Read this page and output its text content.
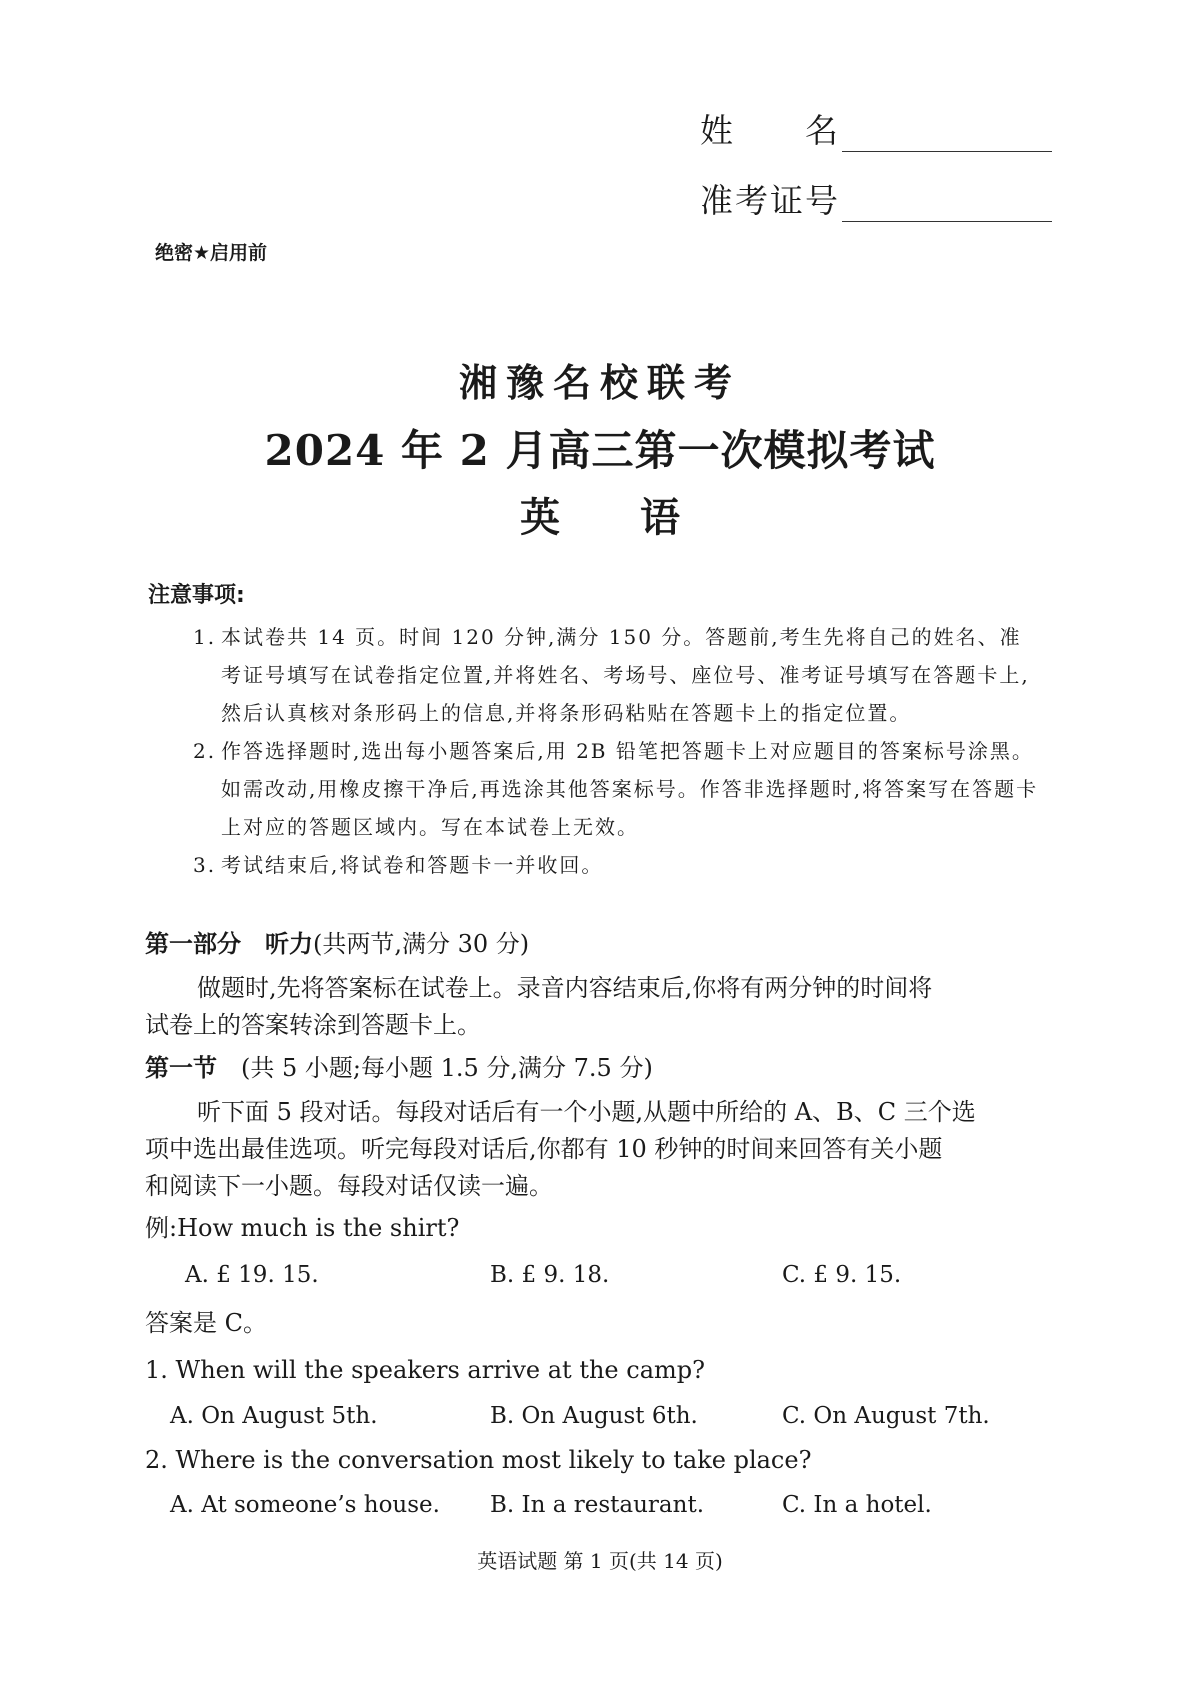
姓　　名
准考证号
绝密★启用前
湘豫名校联考
2024 年 2 月高三第一次模拟考试
英语
注意事项:
1. 本试卷共 14 页。时间 120 分钟,满分 150 分。答题前,考生先将自己的姓名、准考证号填写在试卷指定位置,并将姓名、考场号、座位号、准考证号填写在答题卡上,然后认真核对条形码上的信息,并将条形码粘贴在答题卡上的指定位置。
2. 作答选择题时,选出每小题答案后,用 2B 铅笔把答题卡上对应题目的答案标号涂黑。如需改动,用橡皮擦干净后,再选涂其他答案标号。作答非选择题时,将答案写在答题卡上对应的答题区域内。写在本试卷上无效。
3. 考试结束后,将试卷和答题卡一并收回。
第一部分　听力(共两节,满分 30 分)
做题时,先将答案标在试卷上。录音内容结束后,你将有两分钟的时间将
试卷上的答案转涂到答题卡上。
第一节　 (共 5 小题;每小题 1.5 分,满分 7.5 分)
听下面 5 段对话。每段对话后有一个小题,从题中所给的 A、B、C 三个选
项中选出最佳选项。听完每段对话后,你都有 10 秒钟的时间来回答有关小题
和阅读下一小题。每段对话仅读一遍。
例:How much is the shirt?
A. £ 19. 15.	B. £ 9. 18.	C. £ 9. 15.
答案是 C。
1. When will the speakers arrive at the camp?
A. On August 5th.	B. On August 6th.	C. On August 7th.
2. Where is the conversation most likely to take place?
A. At someone’s house. B. In a restaurant.	C. In a hotel.
英语试题 第 1 页(共 14 页)
